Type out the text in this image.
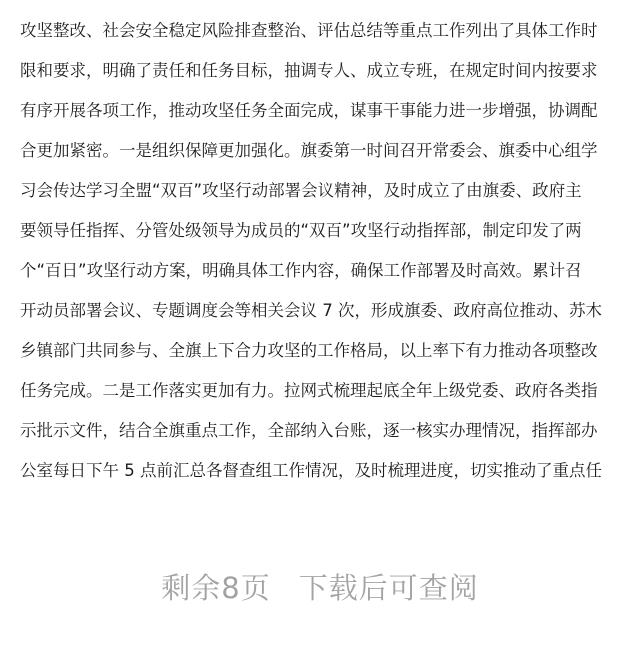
攻坚整改、社会安全稳定风险排查整治、评估总结等重点工作列出了具体工作时
限和要求，明确了责任和任务目标，抽调专人、成立专班，在规定时间内按要求
有序开展各项工作，推动攻坚任务全面完成，谋事干事能力进一步增强，协调配
合更加紧密。一是组织保障更加强化。旗委第一时间召开常委会、旗委中心组学
习会传达学习全盟“双百”攻坚行动部署会议精神，及时成立了由旗委、政府主
要领导任指挥、分管处级领导为成员的“双百”攻坚行动指挥部，制定印发了两
个“百日”攻坚行动方案，明确具体工作内容，确保工作部署及时高效。累计召
开动员部署会议、专题调度会等相关会议 7 次，形成旗委、政府高位推动、苏木
乡镇部门共同参与、全旗上下合力攻坚的工作格局，以上率下有力推动各项整改
任务完成。二是工作落实更加有力。拉网式梳理起底全年上级党委、政府各类指
示批示文件，结合全旗重点工作，全部纳入台账，逐一核实办理情况，指挥部办
公室每日下午 5 点前汇总各督查组工作情况，及时梳理进度，切实推动了重点任
剩余8页 下载后可查阅
